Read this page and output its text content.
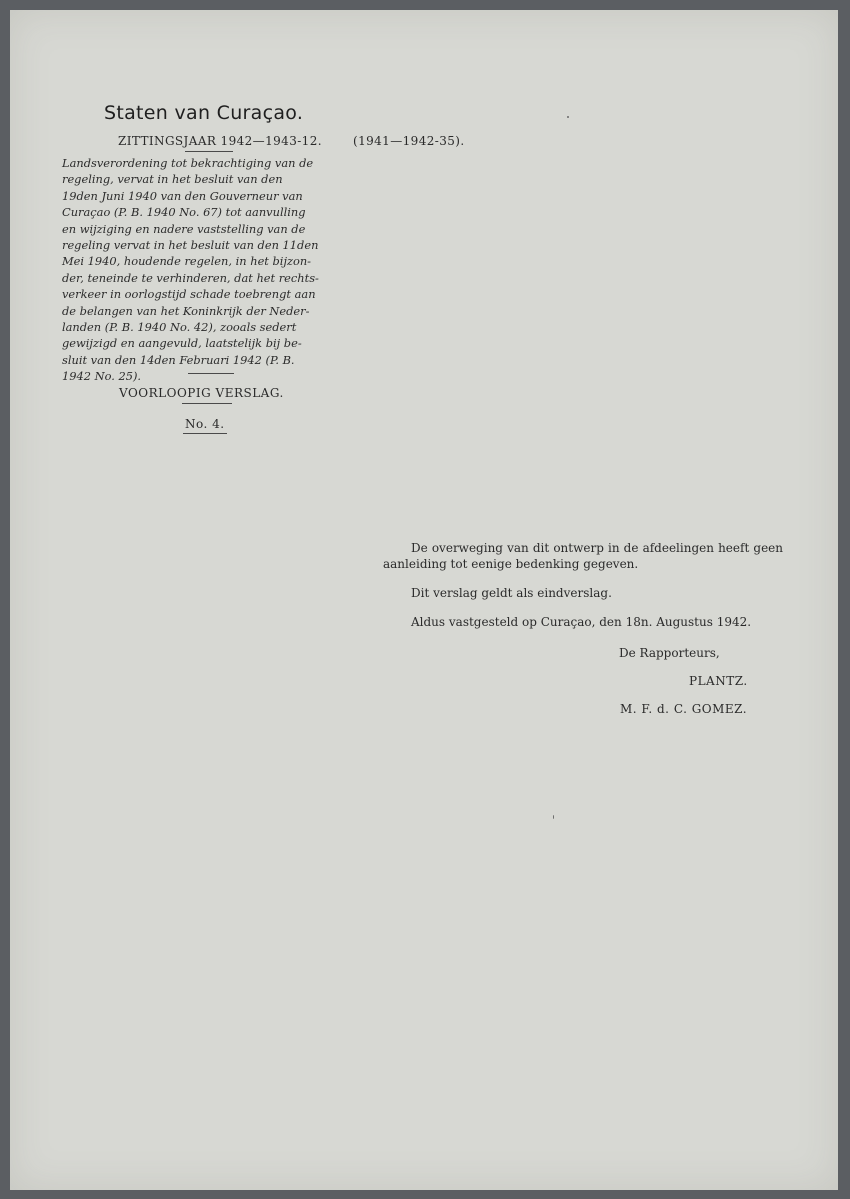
Staten van Curaçao.
ZITTINGSJAAR 1942—1943-12.	(1941—1942-35).
Landsverordening tot bekrachtiging van de
regeling, vervat in het besluit van den
19den Juni 1940 van den Gouverneur van
Curaçao (P. B. 1940 No. 67) tot aanvulling
en wijziging en nadere vaststelling van de
regeling vervat in het besluit van den 11den
Mei 1940, houdende regelen, in het bijzon-
der, teneinde te verhinderen, dat het rechts-
verkeer in oorlogstijd schade toebrengt aan
de belangen van het Koninkrijk der Neder-
landen (P. B. 1940 No. 42), zooals sedert
gewijzigd en aangevuld, laatstelijk bij be-
sluit van den 14den Februari 1942 (P. B.
1942 No. 25).
VOORLOOPIG VERSLAG.
No. 4.

De overweging van dit ontwerp in de afdeelingen heeft geen aanleiding tot eenige bedenking gegeven.

Dit verslag geldt als eindverslag.
Aldus vastgesteld op Curaçao, den 18n. Augustus 1942.
De Rapporteurs,
PLANTZ.
M. F. d. C. GOMEZ.
